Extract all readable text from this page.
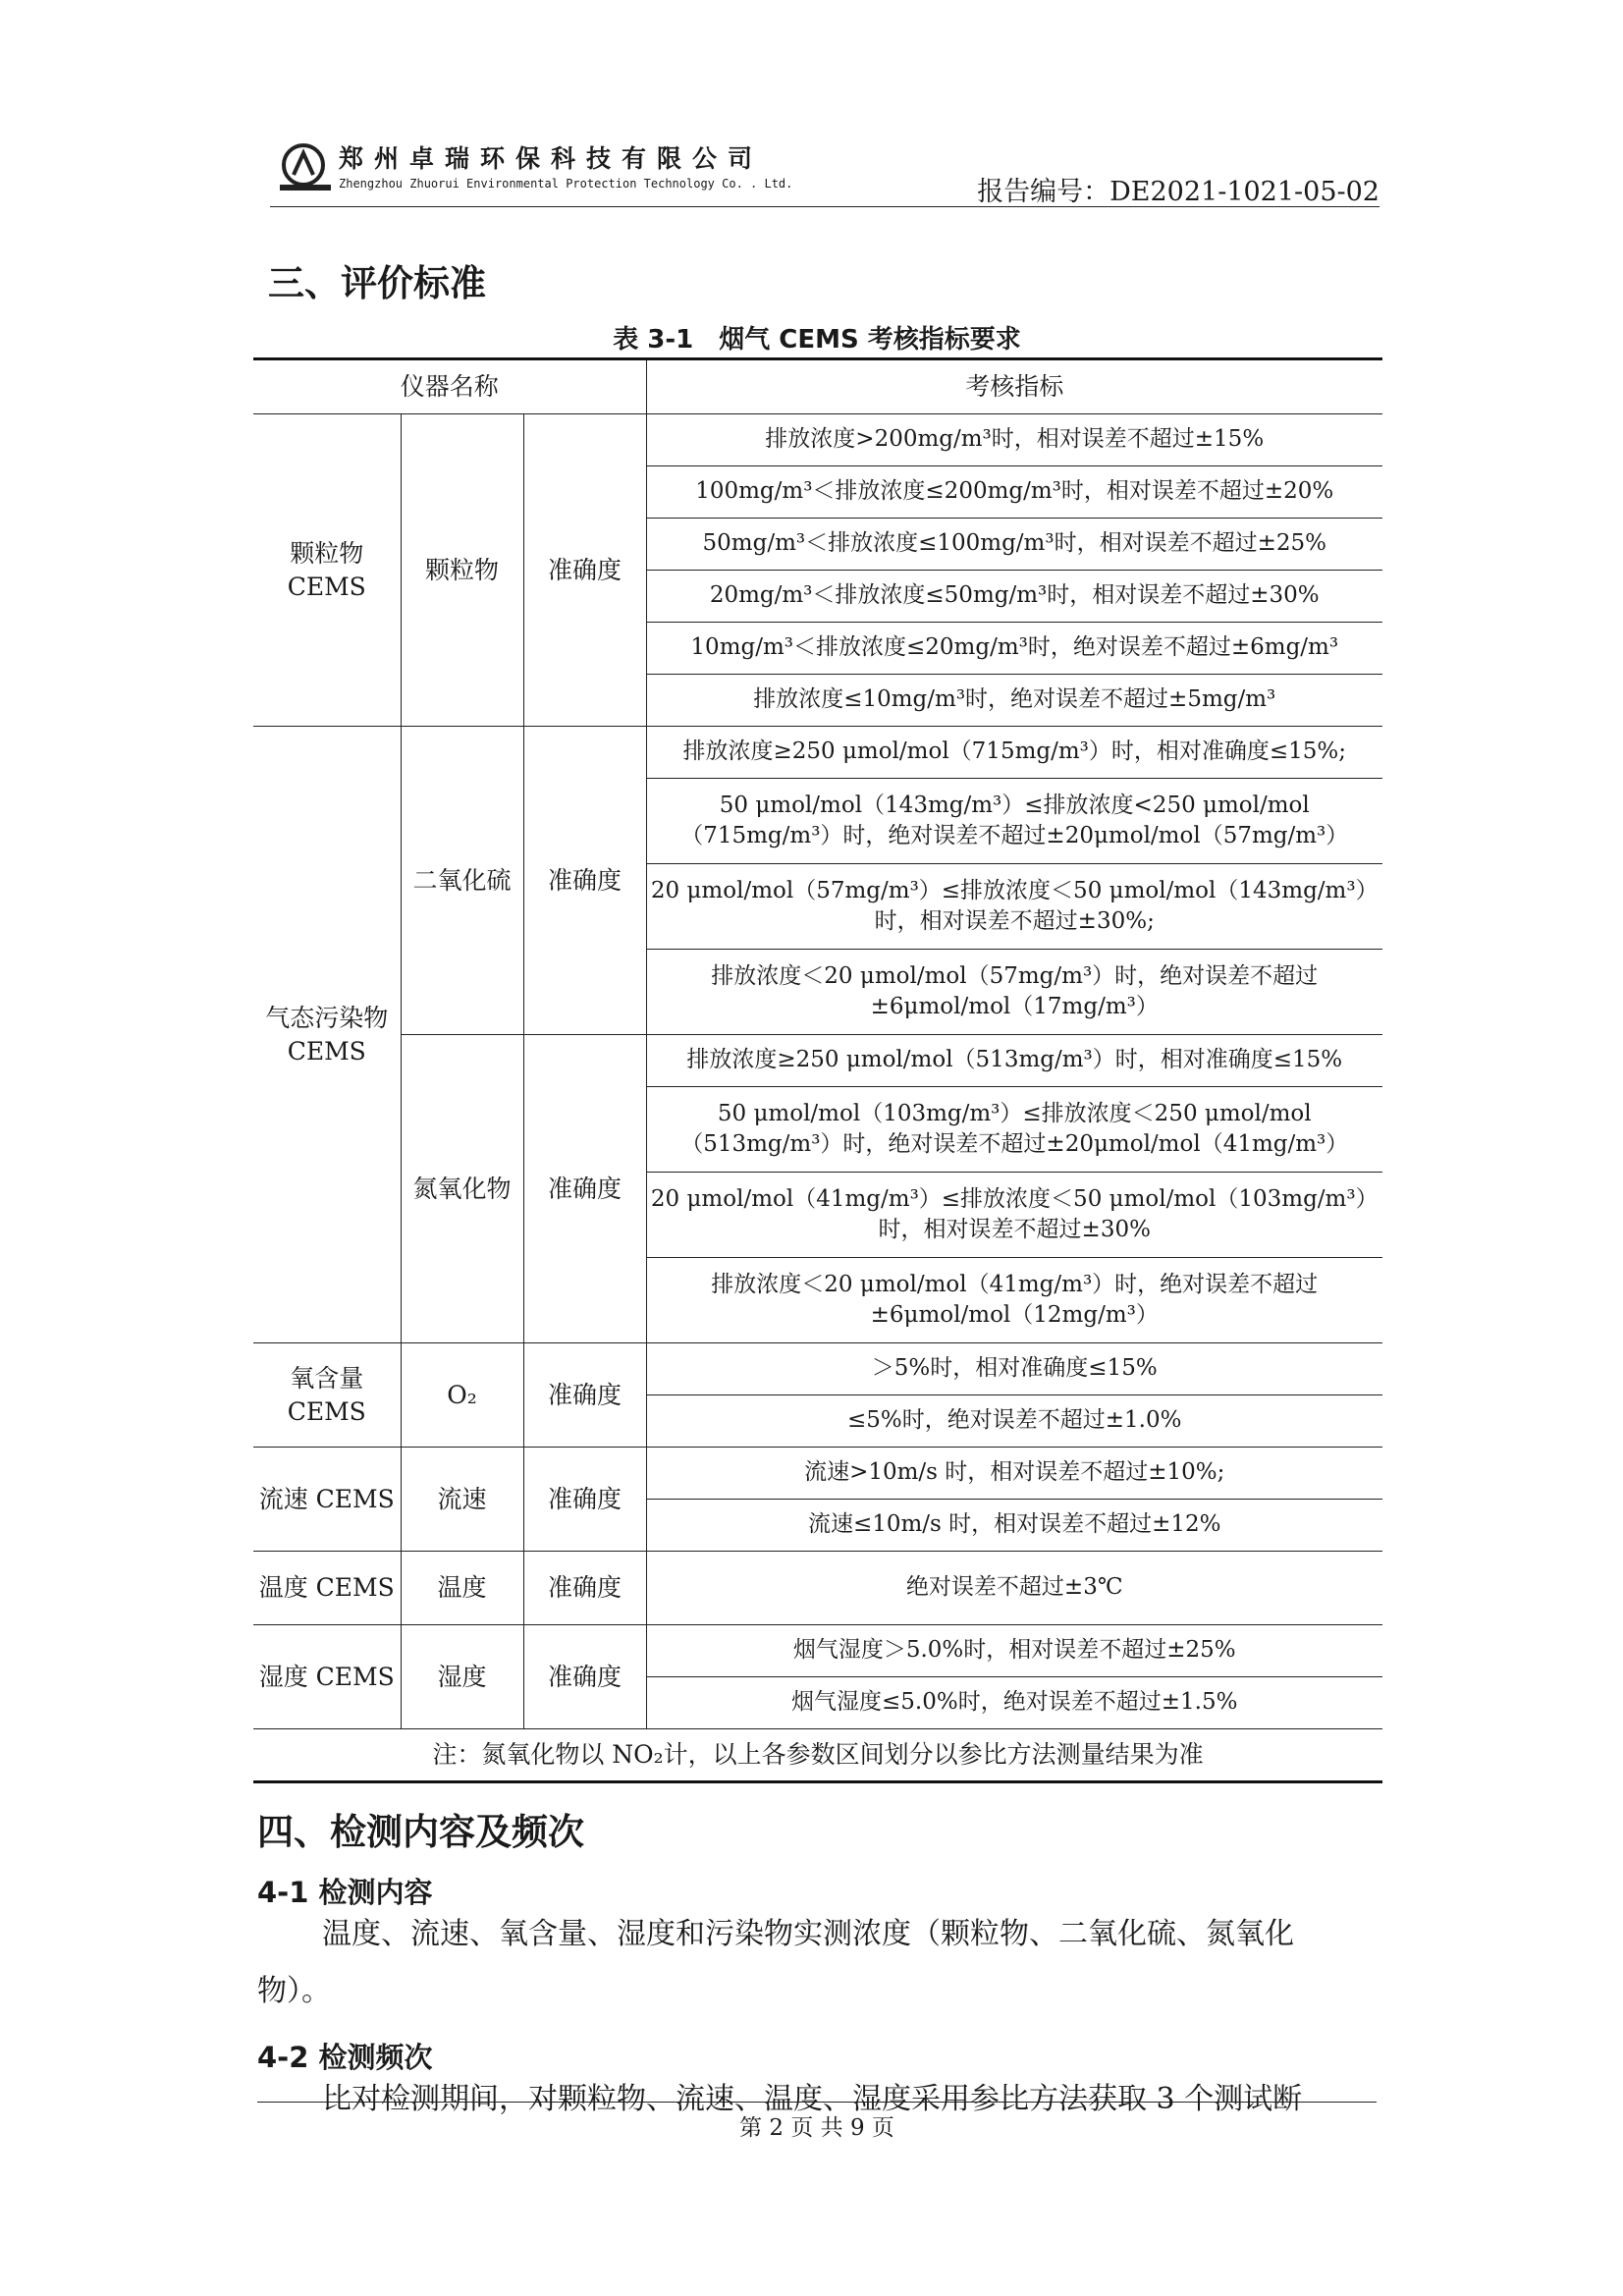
郑州卓瑞环保科技有限公司
Zhengzhou Zhuorui Environmental Protection Technology Co. . Ltd.	报告编号：DE2021-1021-05-02
三、评价标准
表 3-1　烟气 CEMS 考核指标要求
仪器名称			考核指标
颗粒物 CEMS	颗粒物	准确度	排放浓度>200mg/m³时，相对误差不超过±15%
			100mg/m³＜排放浓度≤200mg/m³时，相对误差不超过±20%
			50mg/m³＜排放浓度≤100mg/m³时，相对误差不超过±25%
			20mg/m³＜排放浓度≤50mg/m³时，相对误差不超过±30%
			10mg/m³＜排放浓度≤20mg/m³时，绝对误差不超过±6mg/m³
			排放浓度≤10mg/m³时，绝对误差不超过±5mg/m³
气态污染物 CEMS	二氧化硫	准确度	排放浓度≥250 μmol/mol（715mg/m³）时，相对准确度≤15%;
			50 μmol/mol（143mg/m³）≤排放浓度<250 μmol/mol（715mg/m³）时，绝对误差不超过±20μmol/mol（57mg/m³）
			20 μmol/mol（57mg/m³）≤排放浓度＜50 μmol/mol（143mg/m³）时，相对误差不超过±30%;
			排放浓度＜20 μmol/mol（57mg/m³）时，绝对误差不超过±6μmol/mol（17mg/m³）
	氮氧化物	准确度	排放浓度≥250 μmol/mol（513mg/m³）时，相对准确度≤15%
			50 μmol/mol（103mg/m³）≤排放浓度＜250 μmol/mol（513mg/m³）时，绝对误差不超过±20μmol/mol（41mg/m³）
			20 μmol/mol（41mg/m³）≤排放浓度＜50 μmol/mol（103mg/m³）时，相对误差不超过±30%
			排放浓度＜20 μmol/mol（41mg/m³）时，绝对误差不超过±6μmol/mol（12mg/m³）
氧含量 CEMS	O₂	准确度	＞5%时，相对准确度≤15%
			≤5%时，绝对误差不超过±1.0%
流速 CEMS	流速	准确度	流速>10m/s 时，相对误差不超过±10%;
			流速≤10m/s 时，相对误差不超过±12%
温度 CEMS	温度	准确度	绝对误差不超过±3℃
湿度 CEMS	湿度	准确度	烟气湿度＞5.0%时，相对误差不超过±25%
			烟气湿度≤5.0%时，绝对误差不超过±1.5%
注：氮氧化物以 NO₂计，以上各参数区间划分以参比方法测量结果为准			
四、检测内容及频次
4-1 检测内容
温度、流速、氧含量、湿度和污染物实测浓度（颗粒物、二氧化硫、氮氧化
物）。
4-2 检测频次
比对检测期间，对颗粒物、流速、温度、湿度采用参比方法获取 3 个测试断
第 2 页 共 9 页
